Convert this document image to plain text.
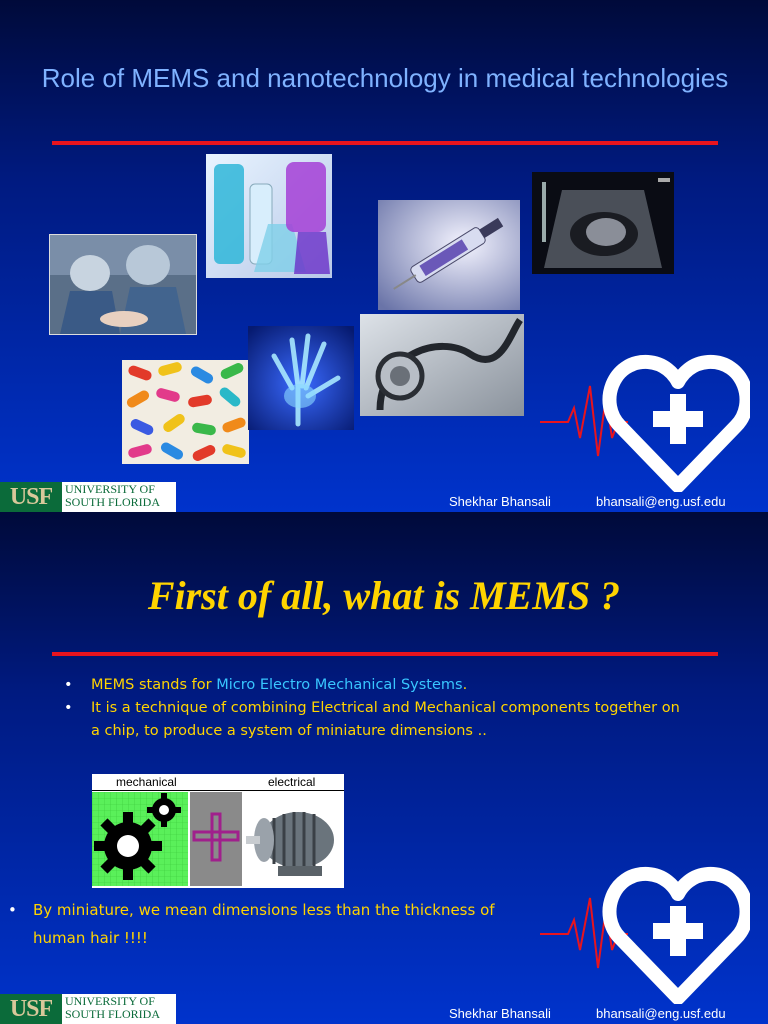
Role of MEMS and nanotechnology in medical technologies
USF	UNIVERSITY OF
SOUTH FLORIDA	Shekhar Bhansali	bhansali@eng.usf.edu
First of all, what is MEMS ?
• MEMS stands for Micro Electro Mechanical Systems.
• It is a technique of combining Electrical and Mechanical components together on a chip, to produce a system of miniature dimensions ..
mechanical	electrical
• By miniature, we mean dimensions less than the thickness of human hair !!!!
USF	UNIVERSITY OF
SOUTH FLORIDA	Shekhar Bhansali	bhansali@eng.usf.edu
